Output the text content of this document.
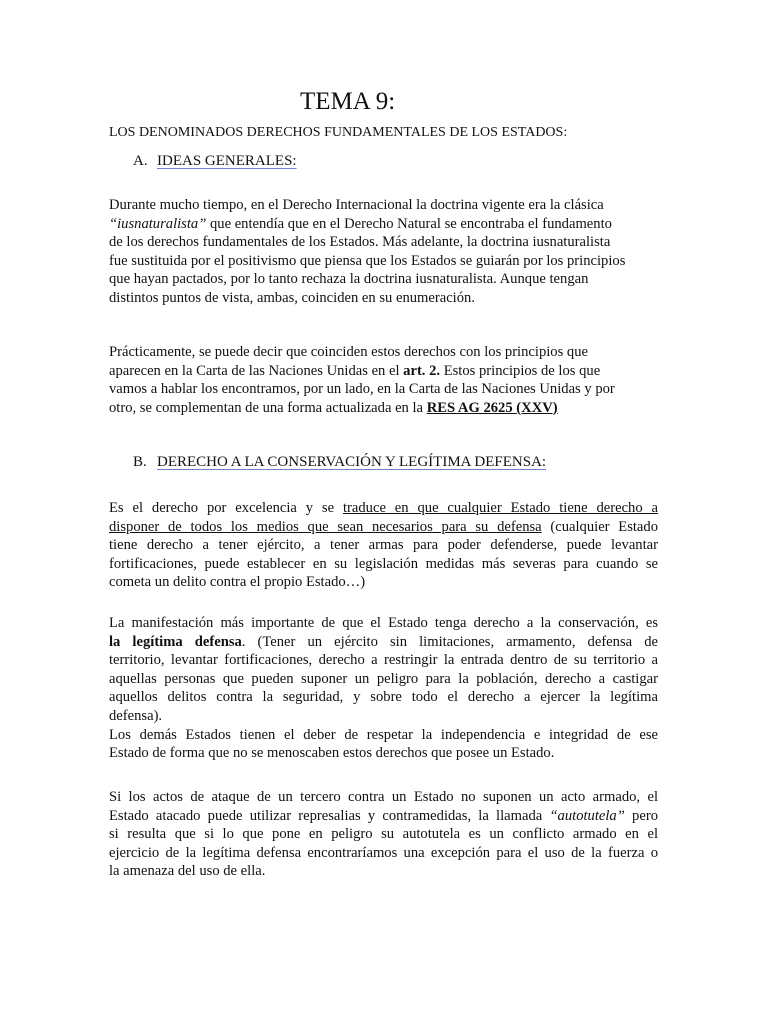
TEMA 9:
LOS DENOMINADOS DERECHOS FUNDAMENTALES DE LOS ESTADOS:
A. IDEAS GENERALES:
Durante mucho tiempo, en el Derecho Internacional la doctrina vigente era la clásica
“iusnaturalista” que entendía que en el Derecho Natural se encontraba el fundamento
de los derechos fundamentales de los Estados. Más adelante, la doctrina iusnaturalista
fue sustituida por el positivismo que piensa que los Estados se guiarán por los principios
que hayan pactados, por lo tanto rechaza la doctrina iusnaturalista. Aunque tengan
distintos puntos de vista, ambas, coinciden en su enumeración.
Prácticamente, se puede decir que coinciden estos derechos con los principios que
aparecen en la Carta de las Naciones Unidas en el art. 2. Estos principios de los que
vamos a hablar los encontramos, por un lado, en la Carta de las Naciones Unidas y por
otro, se complementan de una forma actualizada en la RES AG 2625 (XXV)
B. DERECHO A LA CONSERVACIÓN Y LEGÍTIMA DEFENSA:
Es el derecho por excelencia y se traduce en que cualquier Estado tiene derecho a
disponer de todos los medios que sean necesarios para su defensa (cualquier Estado
tiene derecho a tener ejército, a tener armas para poder defenderse, puede levantar
fortificaciones, puede establecer en su legislación medidas más severas para cuando se
cometa un delito contra el propio Estado…)
La manifestación más importante de que el Estado tenga derecho a la conservación, es
la legítima defensa. (Tener un ejército sin limitaciones, armamento, defensa de
territorio, levantar fortificaciones, derecho a restringir la entrada dentro de su territorio a
aquellas personas que pueden suponer un peligro para la población, derecho a castigar
aquellos delitos contra la seguridad, y sobre todo el derecho a ejercer la legítima
defensa).
Los demás Estados tienen el deber de respetar la independencia e integridad de ese
Estado de forma que no se menoscaben estos derechos que posee un Estado.
Si los actos de ataque de un tercero contra un Estado no suponen un acto armado, el
Estado atacado puede utilizar represalias y contramedidas, la llamada “autotutela” pero
si resulta que si lo que pone en peligro su autotutela es un conflicto armado en el
ejercicio de la legítima defensa encontraríamos una excepción para el uso de la fuerza o
la amenaza del uso de ella.
